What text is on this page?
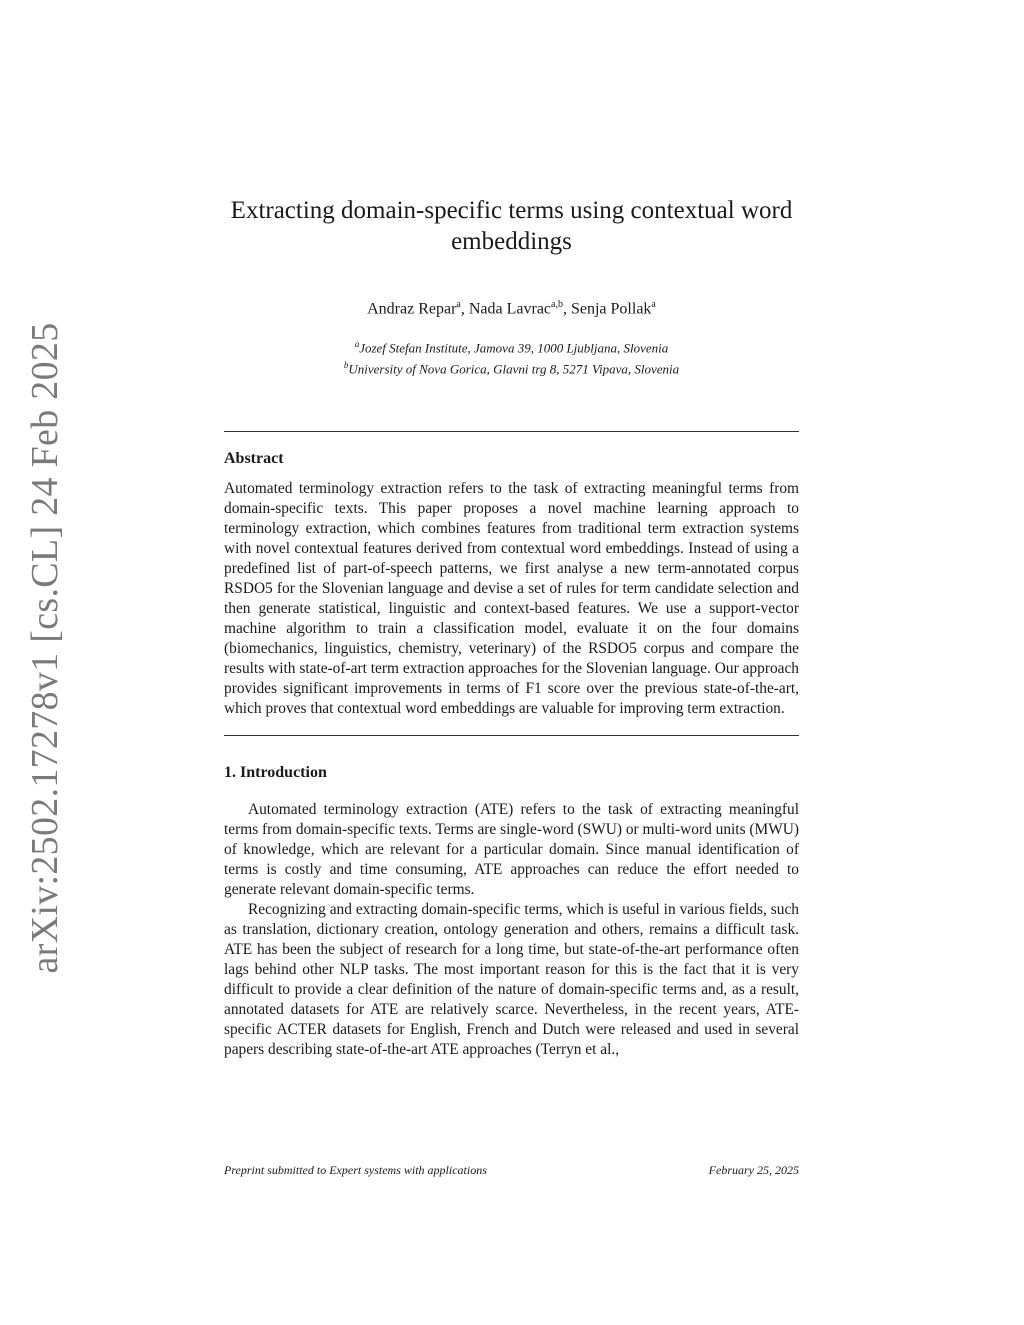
arXiv:2502.17278v1 [cs.CL] 24 Feb 2025
Extracting domain-specific terms using contextual word embeddings
Andraz Repar$^a$, Nada Lavrac$^{a,b}$, Senja Pollak$^a$
$^a$Jozef Stefan Institute, Jamova 39, 1000 Ljubljana, Slovenia
$^b$University of Nova Gorica, Glavni trg 8, 5271 Vipava, Slovenia
Abstract
Automated terminology extraction refers to the task of extracting meaningful terms from domain-specific texts. This paper proposes a novel machine learning approach to terminology extraction, which combines features from traditional term extraction systems with novel contextual features derived from contextual word embeddings. Instead of using a predefined list of part-of-speech patterns, we first analyse a new term-annotated corpus RSDO5 for the Slovenian language and devise a set of rules for term candidate selection and then generate statistical, linguistic and context-based features. We use a support-vector machine algorithm to train a classification model, evaluate it on the four domains (biomechanics, linguistics, chemistry, veterinary) of the RSDO5 corpus and compare the results with state-of-art term extraction approaches for the Slovenian language. Our approach provides significant improvements in terms of F1 score over the previous state-of-the-art, which proves that contextual word embeddings are valuable for improving term extraction.
1. Introduction

Automated terminology extraction (ATE) refers to the task of extracting meaningful terms from domain-specific texts. Terms are single-word (SWU) or multi-word units (MWU) of knowledge, which are relevant for a particular domain. Since manual identification of terms is costly and time consuming, ATE approaches can reduce the effort needed to generate relevant domain-specific terms.

Recognizing and extracting domain-specific terms, which is useful in various fields, such as translation, dictionary creation, ontology generation and others, remains a difficult task. ATE has been the subject of research for a long time, but state-of-the-art performance often lags behind other NLP tasks. The most important reason for this is the fact that it is very difficult to provide a clear definition of the nature of domain-specific terms and, as a result, annotated datasets for ATE are relatively scarce. Nevertheless, in the recent years, ATE-specific ACTER datasets for English, French and Dutch were released and used in several papers describing state-of-the-art ATE approaches (Terryn et al.,

Preprint submitted to Expert systems with applications	February 25, 2025
